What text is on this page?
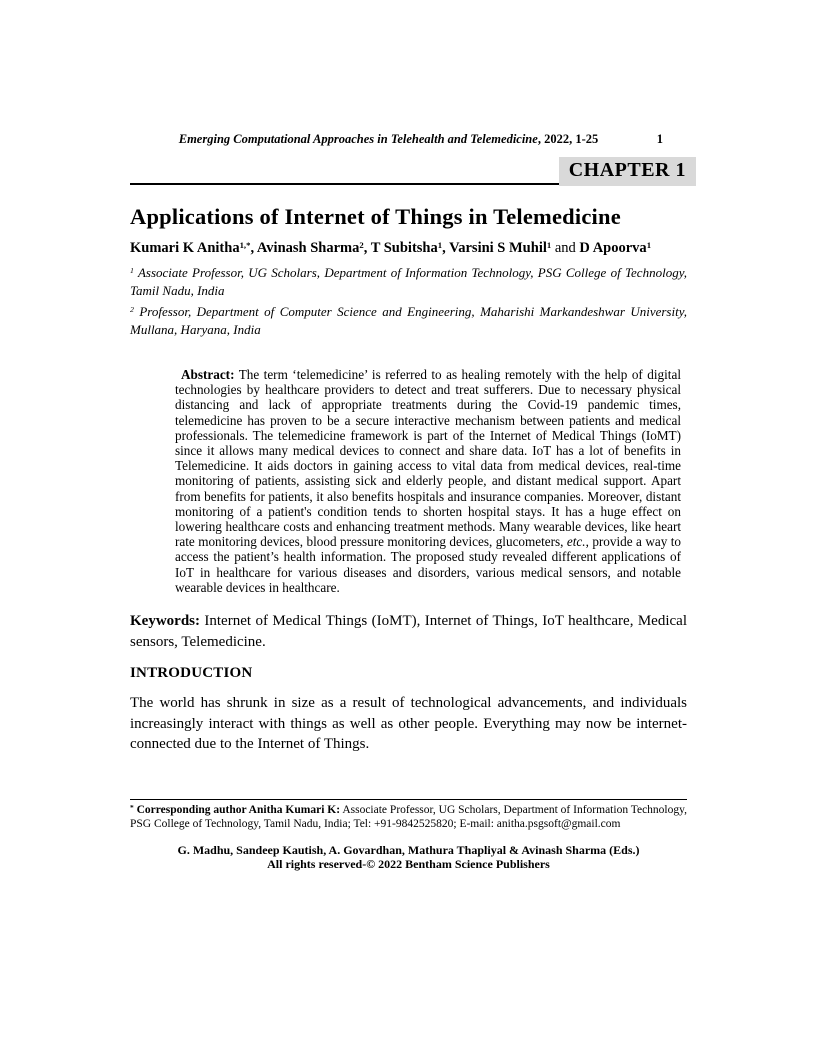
Emerging Computational Approaches in Telehealth and Telemedicine, 2022, 1-25	1
CHAPTER 1
Applications of Internet of Things in Telemedicine

Kumari K Anitha$^{1,*}$, Avinash Sharma$^2$, T Subitsha$^1$, Varsini S Muhil$^1$ and D Apoorva$^1$

$^1$ Associate Professor, UG Scholars, Department of Information Technology, PSG College of Technology, Tamil Nadu, India

$^2$ Professor, Department of Computer Science and Engineering, Maharishi Markandeshwar University, Mullana, Haryana, India

Abstract: The term ‘telemedicine’ is referred to as healing remotely with the help of digital technologies by healthcare providers to detect and treat sufferers. Due to necessary physical distancing and lack of appropriate treatments during the Covid-19 pandemic times, telemedicine has proven to be a secure interactive mechanism between patients and medical professionals. The telemedicine framework is part of the Internet of Medical Things (IoMT) since it allows many medical devices to connect and share data. IoT has a lot of benefits in Telemedicine. It aids doctors in gaining access to vital data from medical devices, real-time monitoring of patients, assisting sick and elderly people, and distant medical support. Apart from benefits for patients, it also benefits hospitals and insurance companies. Moreover, distant monitoring of a patient's condition tends to shorten hospital stays. It has a huge effect on lowering healthcare costs and enhancing treatment methods. Many wearable devices, like heart rate monitoring devices, blood pressure monitoring devices, glucometers, etc., provide a way to access the patient’s health information. The proposed study revealed different applications of IoT in healthcare for various diseases and disorders, various medical sensors, and notable wearable devices in healthcare.

Keywords: Internet of Medical Things (IoMT), Internet of Things, IoT healthcare, Medical sensors, Telemedicine.

INTRODUCTION

The world has shrunk in size as a result of technological advancements, and individuals increasingly interact with things as well as other people. Everything may now be internet-connected due to the Internet of Things.

* Corresponding author Anitha Kumari K: Associate Professor, UG Scholars, Department of Information Technology, PSG College of Technology, Tamil Nadu, India; Tel: +91-9842525820; E-mail: anitha.psgsoft@gmail.com

G. Madhu, Sandeep Kautish, A. Govardhan, Mathura Thapliyal & Avinash Sharma (Eds.)
All rights reserved-© 2022 Bentham Science Publishers
